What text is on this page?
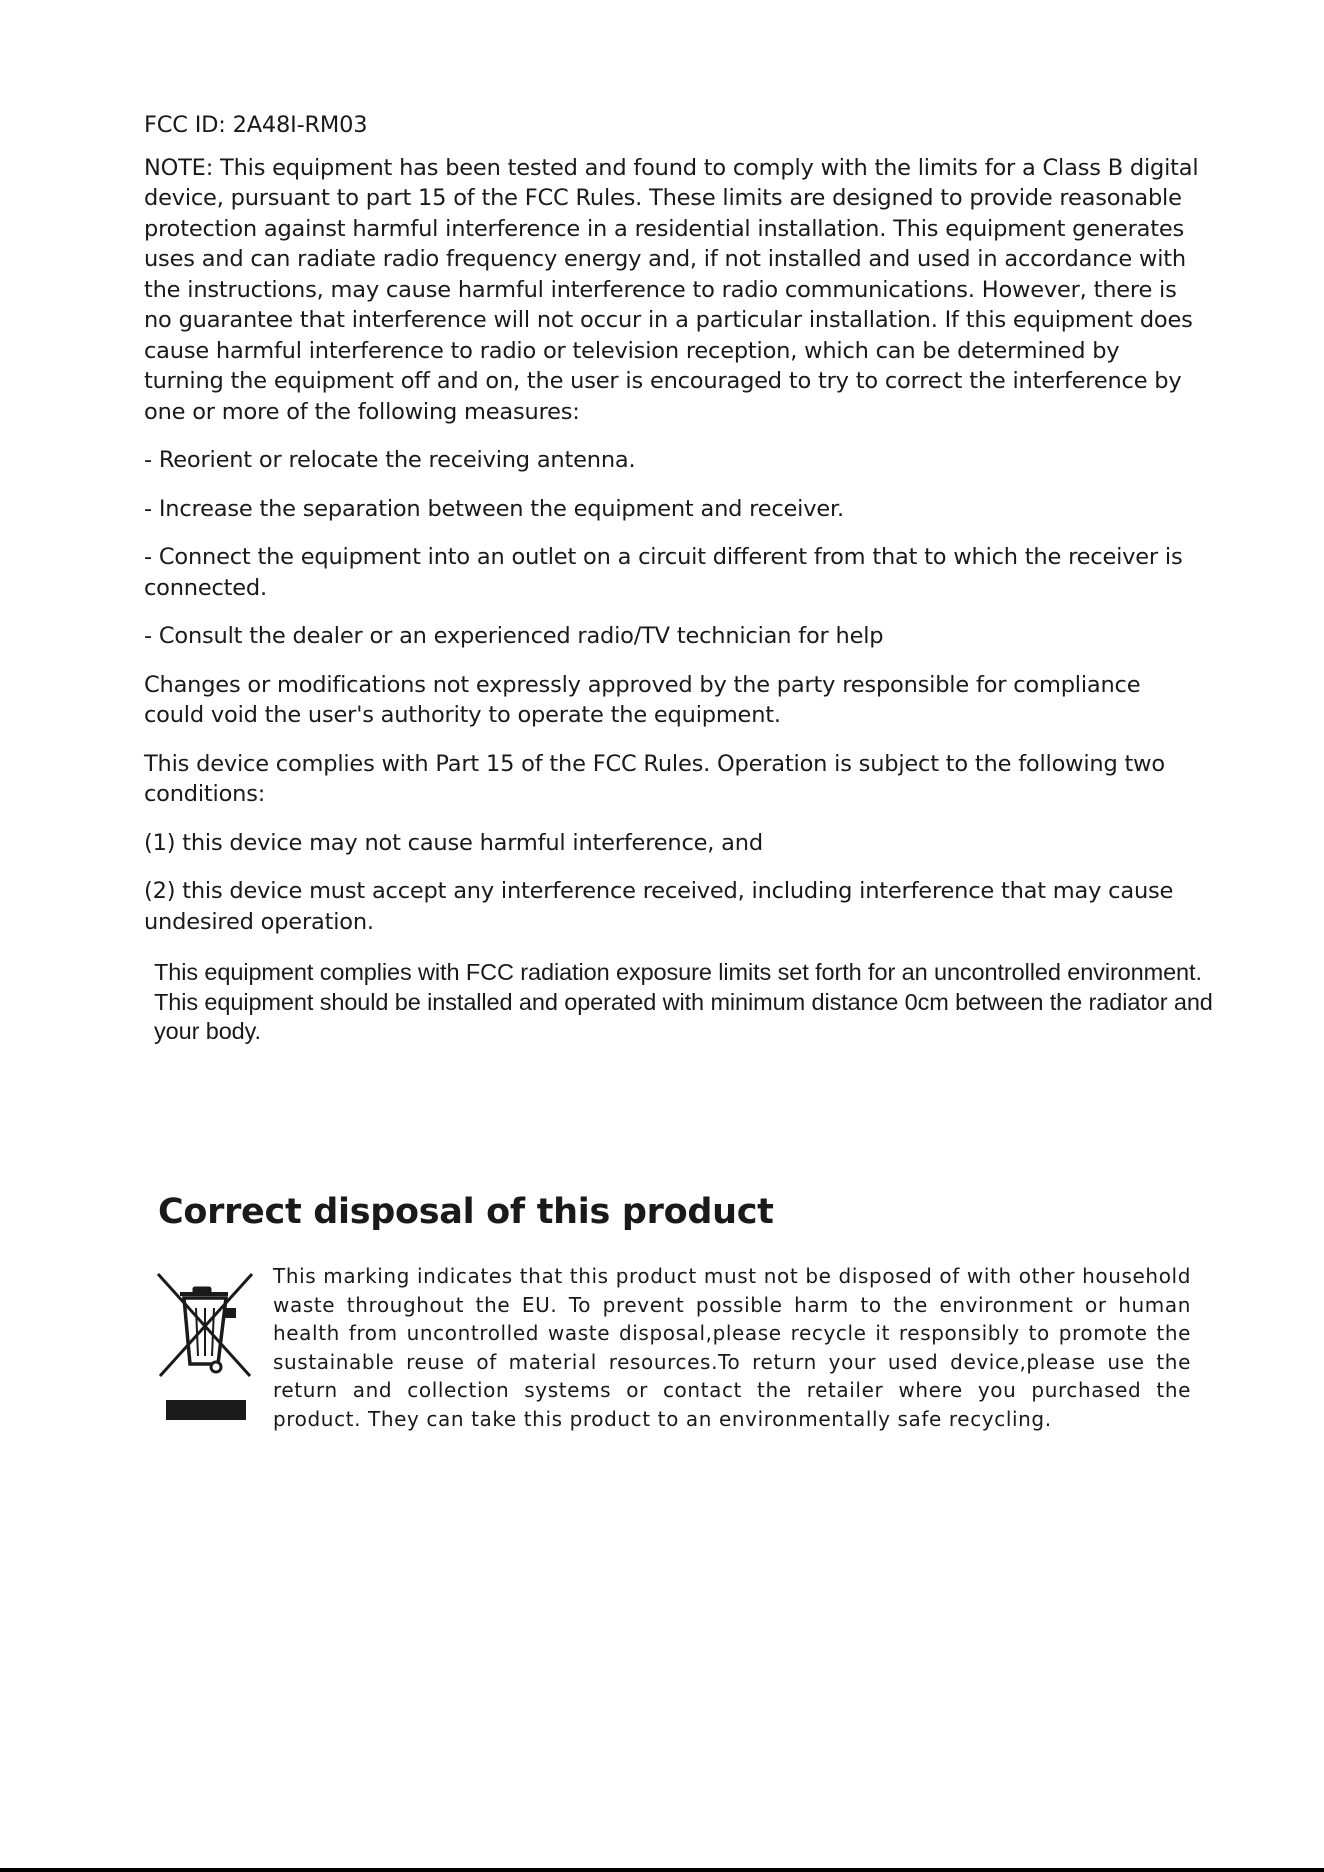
FCC ID: 2A48I-RM03

NOTE: This equipment has been tested and found to comply with the limits for a Class B digital device, pursuant to part 15 of the FCC Rules. These limits are designed to provide reasonable protection against harmful interference in a residential installation. This equipment generates uses and can radiate radio frequency energy and, if not installed and used in accordance with the instructions, may cause harmful interference to radio communications. However, there is no guarantee that interference will not occur in a particular installation. If this equipment does cause harmful interference to radio or television reception, which can be determined by turning the equipment off and on, the user is encouraged to try to correct the interference by one or more of the following measures:

- Reorient or relocate the receiving antenna.

- Increase the separation between the equipment and receiver.

- Connect the equipment into an outlet on a circuit different from that to which the receiver is connected.

- Consult the dealer or an experienced radio/TV technician for help

Changes or modifications not expressly approved by the party responsible for compliance could void the user's authority to operate the equipment.

This device complies with Part 15 of the FCC Rules. Operation is subject to the following two conditions:

(1) this device may not cause harmful interference, and

(2) this device must accept any interference received, including interference that may cause undesired operation.

This equipment complies with FCC radiation exposure limits set forth for an uncontrolled environment. This equipment should be installed and operated with minimum distance 0cm between the radiator and your body.

Correct disposal of this product

This marking indicates that this product must not be disposed of with other household waste throughout the EU. To prevent possible harm to the environment or human health from uncontrolled waste disposal,please recycle it responsibly to promote the sustainable reuse of material resources.To return your used device,please use the return and collection systems or contact the retailer where you purchased the product. They can take this product to an environmentally safe recycling.
